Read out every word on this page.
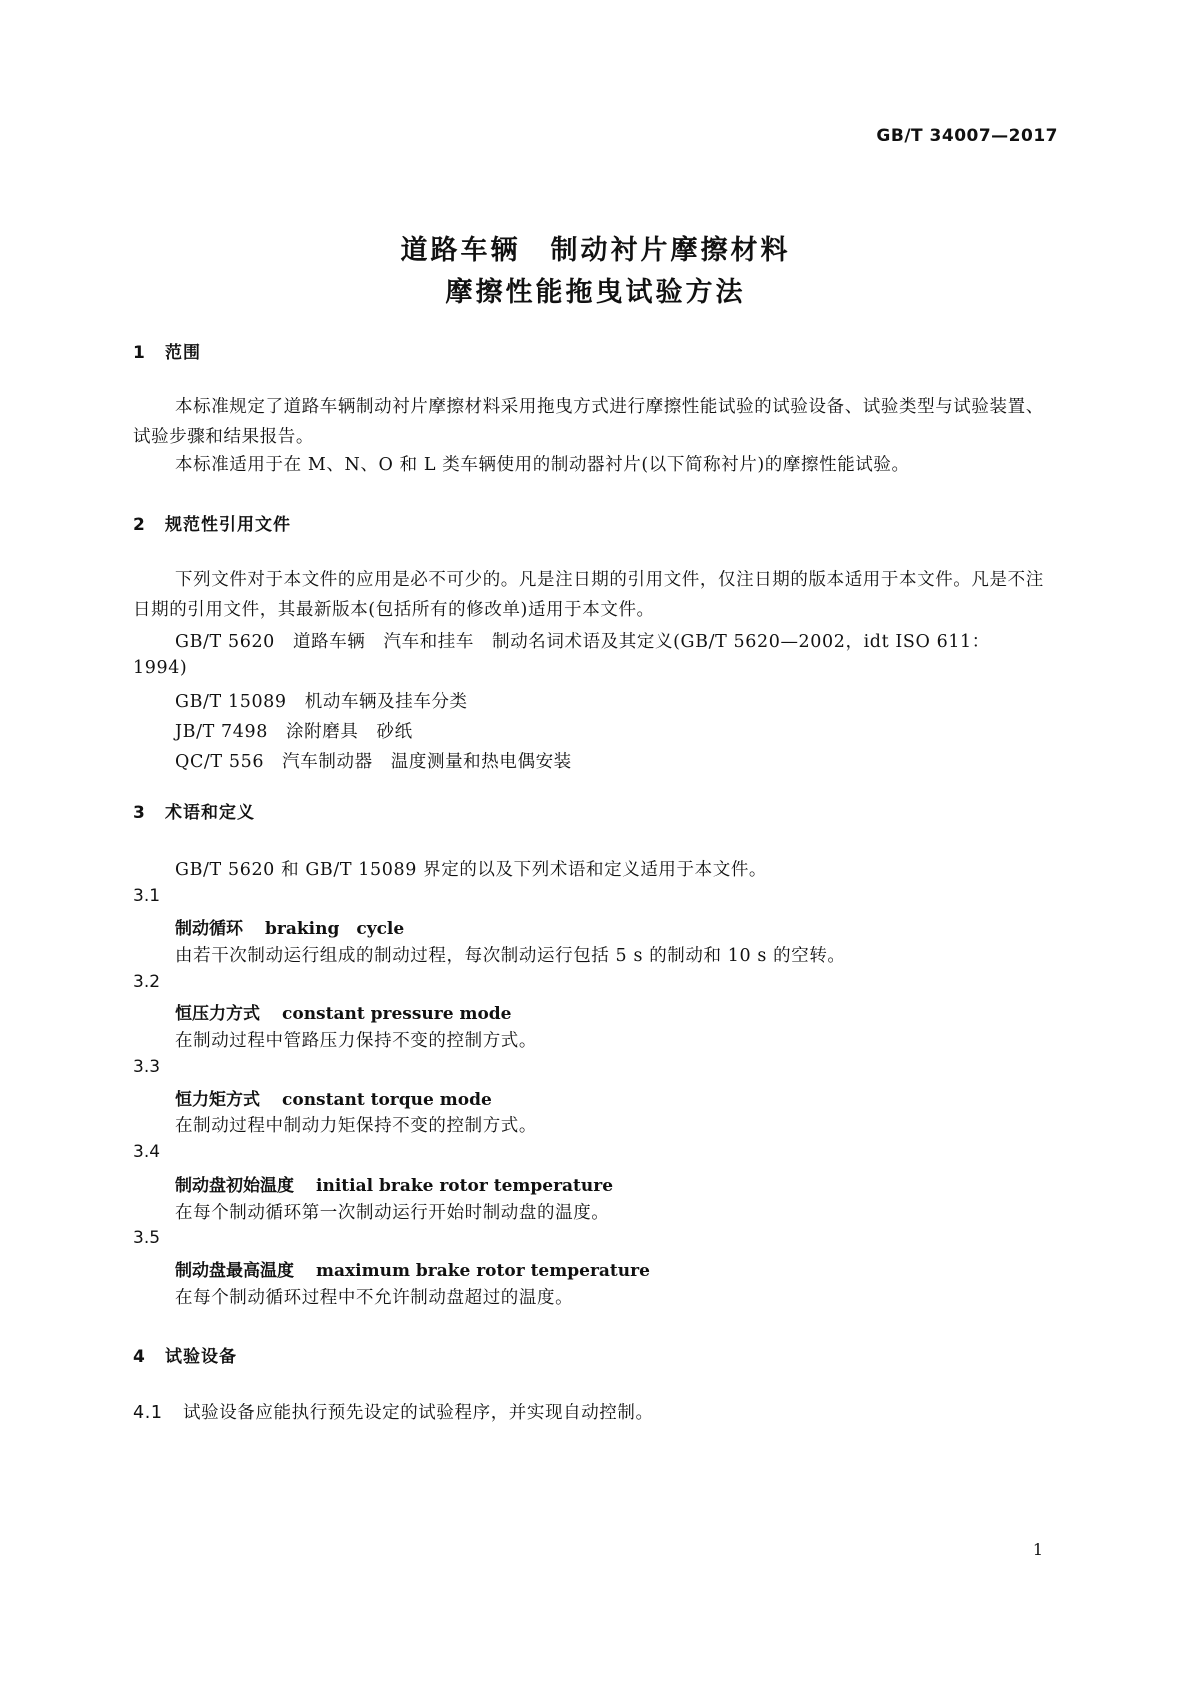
GB/T 34007—2017
道路车辆　制动衬片摩擦材料
摩擦性能拖曳试验方法
1 范围
本标准规定了道路车辆制动衬片摩擦材料采用拖曳方式进行摩擦性能试验的试验设备、试验类型与试验装置、试验步骤和结果报告。
本标准适用于在 M、N、O 和 L 类车辆使用的制动器衬片(以下简称衬片)的摩擦性能试验。
2 规范性引用文件
下列文件对于本文件的应用是必不可少的。凡是注日期的引用文件，仅注日期的版本适用于本文件。凡是不注日期的引用文件，其最新版本(包括所有的修改单)适用于本文件。
GB/T 5620　道路车辆　汽车和挂车　制动名词术语及其定义(GB/T 5620—2002，idt ISO 611：
1994)
GB/T 15089　机动车辆及挂车分类
JB/T 7498　涂附磨具　砂纸
QC/T 556　汽车制动器　温度测量和热电偶安装
3 术语和定义
GB/T 5620 和 GB/T 15089 界定的以及下列术语和定义适用于本文件。
3.1
制动循环 braking　cycle
由若干次制动运行组成的制动过程，每次制动运行包括 5 s 的制动和 10 s 的空转。
3.2
恒压力方式 constant pressure mode
在制动过程中管路压力保持不变的控制方式。
3.3
恒力矩方式 constant torque mode
在制动过程中制动力矩保持不变的控制方式。
3.4
制动盘初始温度 initial brake rotor temperature
在每个制动循环第一次制动运行开始时制动盘的温度。
3.5
制动盘最高温度 maximum brake rotor temperature
在每个制动循环过程中不允许制动盘超过的温度。
4 试验设备
4.1 试验设备应能执行预先设定的试验程序，并实现自动控制。
1
